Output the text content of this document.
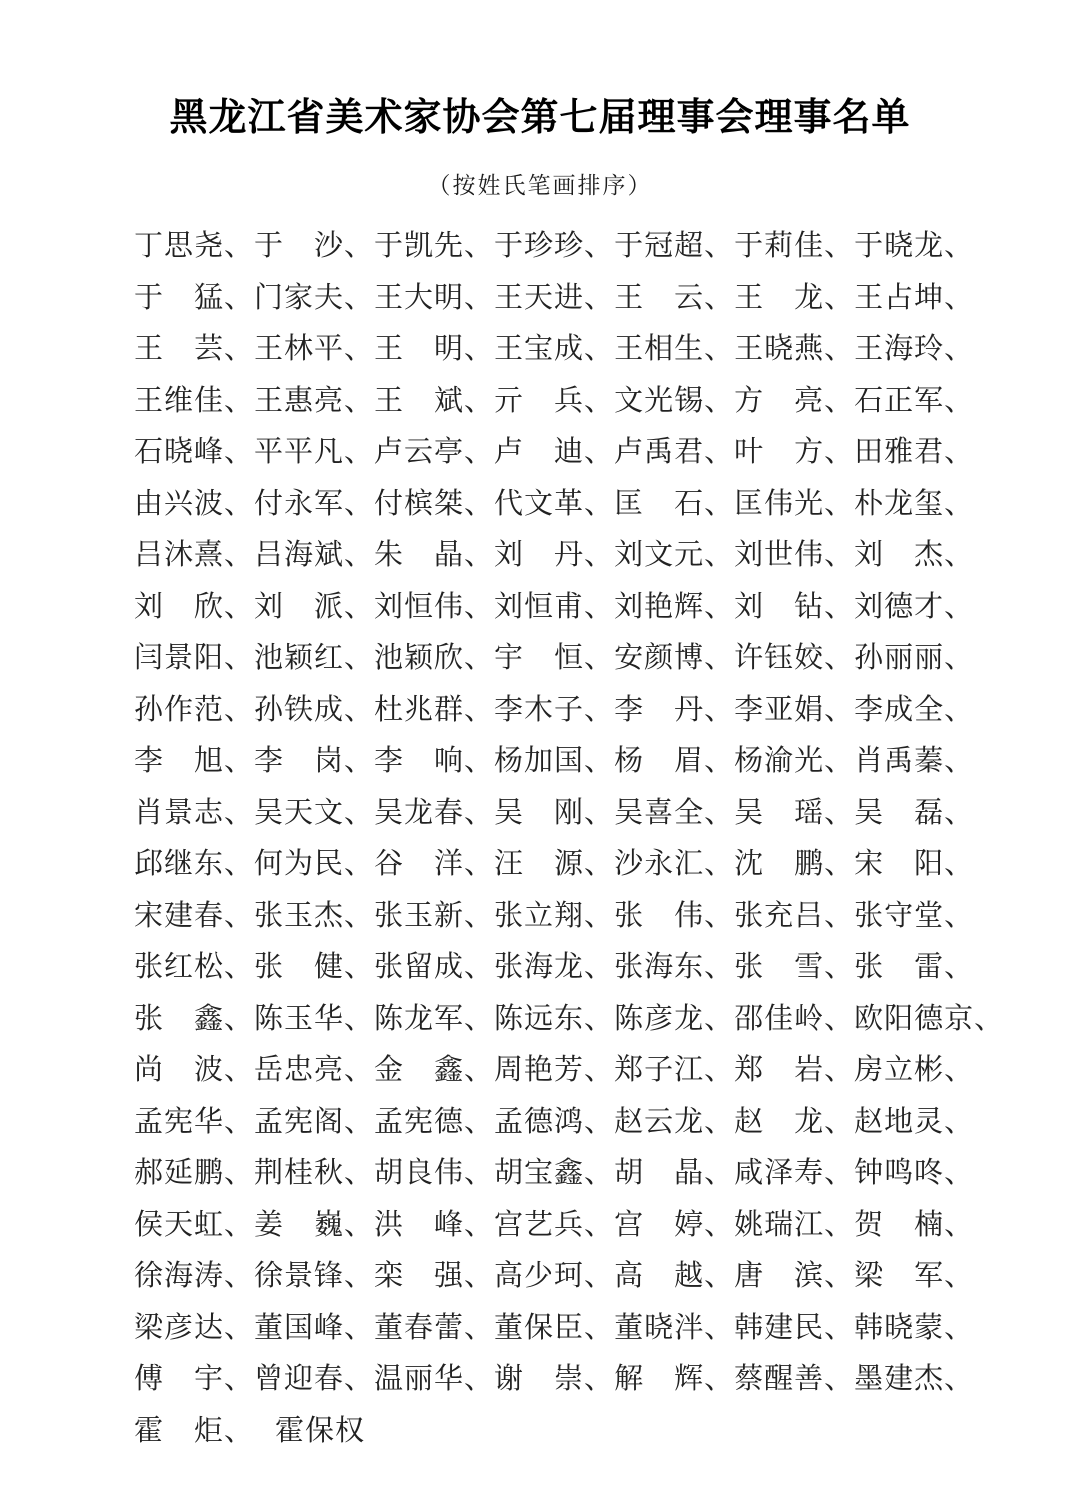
黑龙江省美术家协会第七届理事会理事名单
（按姓氏笔画排序）
丁思尧、 于　沙、 于凯先、 于珍珍、 于冠超、 于莉佳、 于晓龙、
于　猛、 门家夫、 王大明、 王天进、 王　云、 王　龙、 王占坤、
王　芸、 王林平、 王　明、 王宝成、 王相生、 王晓燕、 王海玲、
王维佳、 王惠亮、 王　斌、 亓　兵、 文光锡、 方　亮、 石正军、
石晓峰、 平平凡、 卢云亭、 卢　迪、 卢禹君、 叶　方、 田雅君、
由兴波、 付永军、 付槟桀、 代文革、 匡　石、 匡伟光、 朴龙玺、
吕沐熹、 吕海斌、 朱　晶、 刘　丹、 刘文元、 刘世伟、 刘　杰、
刘　欣、 刘　派、 刘恒伟、 刘恒甫、 刘艳辉、 刘　钻、 刘德才、
闫景阳、 池颖红、 池颖欣、 宇　恒、 安颜博、 许钰姣、 孙丽丽、
孙作范、 孙铁成、 杜兆群、 李木子、 李　丹、 李亚娟、 李成全、
李　旭、 李　岗、 李　响、 杨加国、 杨　眉、 杨渝光、 肖禹蓁、
肖景志、 吴天文、 吴龙春、 吴　刚、 吴喜全、 吴　瑶、 吴　磊、
邱继东、 何为民、 谷　洋、 汪　源、 沙永汇、 沈　鹏、 宋　阳、
宋建春、 张玉杰、 张玉新、 张立翔、 张　伟、 张充吕、 张守堂、
张红松、 张　健、 张留成、 张海龙、 张海东、 张　雪、 张　雷、
张　鑫、 陈玉华、 陈龙军、 陈远东、 陈彦龙、 邵佳岭、 欧阳德京、
尚　波、 岳忠亮、 金　鑫、 周艳芳、 郑子江、 郑　岩、 房立彬、
孟宪华、 孟宪阁、 孟宪德、 孟德鸿、 赵云龙、 赵　龙、 赵地灵、
郝延鹏、 荆桂秋、 胡良伟、 胡宝鑫、 胡　晶、 咸泽寿、 钟鸣咚、
侯天虹、 姜　巍、 洪　峰、 宫艺兵、 宫　婷、 姚瑞江、 贺　楠、
徐海涛、 徐景锋、 栾　强、 高少珂、 高　越、 唐　滨、 梁　军、
梁彦达、 董国峰、 董春蕾、 董保臣、 董晓泮、 韩建民、 韩晓蒙、
傅　宇、 曾迎春、 温丽华、 谢　崇、 解　辉、 蔡醒善、 墨建杰、
霍　炬、 霍保权
